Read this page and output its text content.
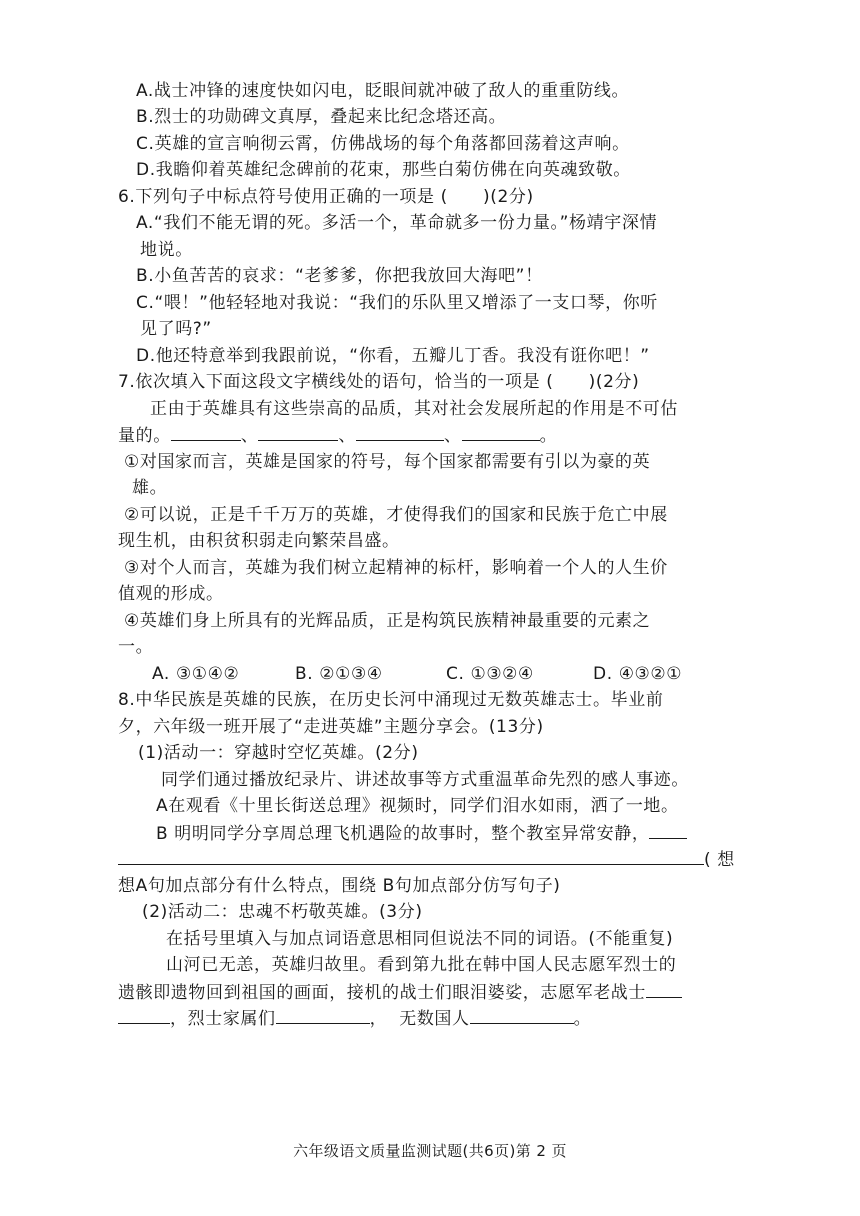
A.战士冲锋的速度快如闪电，眨眼间就冲破了敌人的重重防线。
B.烈士的功勋碑文真厚，叠起来比纪念塔还高。
C.英雄的宣言响彻云霄，仿佛战场的每个角落都回荡着这声响。
D.我瞻仰着英雄纪念碑前的花束，那些白菊仿佛在向英魂致敬。
6.下列句子中标点符号使用正确的一项是 (　　)(2分)
A.“我们不能无谓的死。多活一个，革命就多一份力量。”杨靖宇深情
地说。
B.小鱼苦苦的哀求：“老爹爹，你把我放回大海吧”！
C.“喂！”他轻轻地对我说：“我们的乐队里又增添了一支口琴，你听
见了吗?”
D.他还特意举到我跟前说，“你看，五瓣儿丁香。我没有诳你吧！”
7.依次填入下面这段文字横线处的语句，恰当的一项是 (　　)(2分)
正由于英雄具有这些崇高的品质，其对社会发展所起的作用是不可估
量的。	、	、	、	。
①对国家而言，英雄是国家的符号，每个国家都需要有引以为豪的英
雄。
②可以说，正是千千万万的英雄，才使得我们的国家和民族于危亡中展
现生机，由积贫积弱走向繁荣昌盛。
③对个人而言，英雄为我们树立起精神的标杆，影响着一个人的人生价
值观的形成。
④英雄们身上所具有的光辉品质，正是构筑民族精神最重要的元素之
一。
A. ③①④②	B. ②①③④	C. ①③②④	D. ④③②①
8.中华民族是英雄的民族，在历史长河中涌现过无数英雄志士。毕业前
夕，六年级一班开展了“走进英雄”主题分享会。(13分)
(1)活动一：穿越时空忆英雄。(2分)
同学们通过播放纪录片、讲述故事等方式重温革命先烈的感人事迹。
A在观看《十里长街送总理》视频时，同学们泪水如雨，洒了一地。
B 明明同学分享周总理飞机遇险的故事时，整个教室异常安静，
( 想
想A句加点部分有什么特点，围绕 B句加点部分仿写句子)
(2)活动二：忠魂不朽敬英雄。(3分)
在括号里填入与加点词语意思相同但说法不同的词语。(不能重复)
山河已无恙，英雄归故里。看到第九批在韩中国人民志愿军烈士的
遗骸即遗物回到祖国的画面，接机的战士们眼泪婆娑，志愿军老战士
，烈士家属们	， 无数国人	。
六年级语文质量监测试题(共6页)第 2 页
